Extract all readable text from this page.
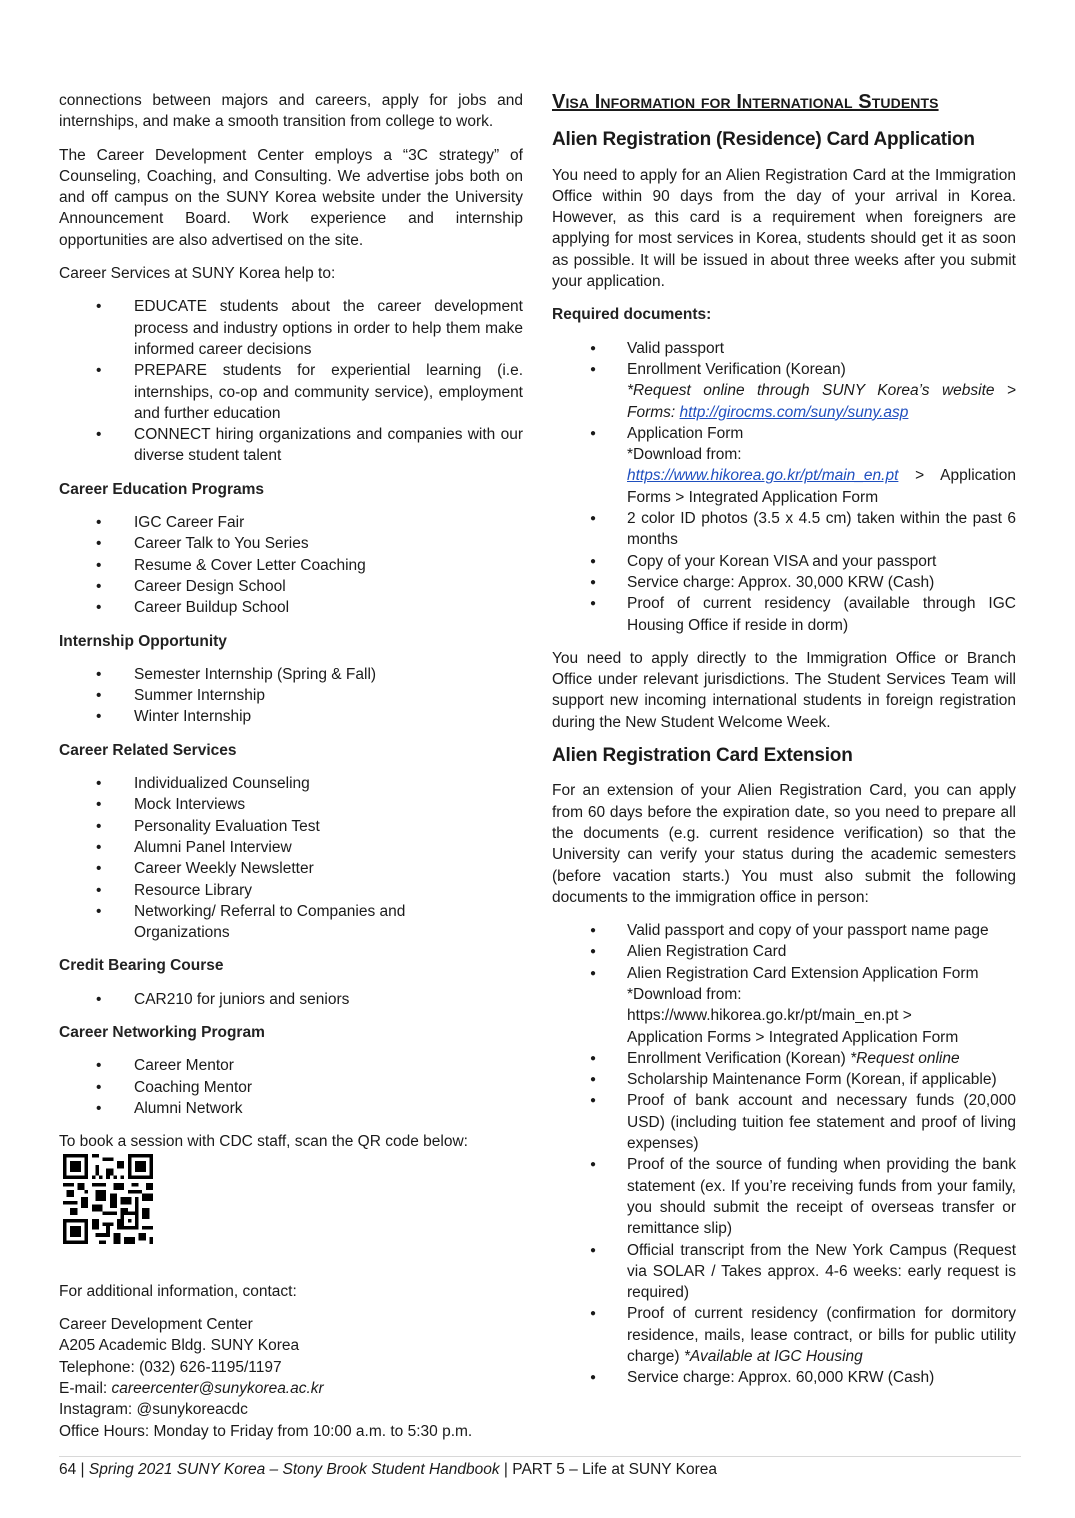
connections between majors and careers, apply for jobs and internships, and make a smooth transition from college to work.

The Career Development Center employs a “3C strategy” of Counseling, Coaching, and Consulting. We advertise jobs both on and off campus on the SUNY Korea website under the University Announcement Board. Work experience and internship opportunities are also advertised on the site.

Career Services at SUNY Korea help to:

• EDUCATE students about the career development process and industry options in order to help them make informed career decisions
• PREPARE students for experiential learning (i.e. internships, co-op and community service), employment and further education
• CONNECT hiring organizations and companies with our diverse student talent
Career Education Programs
• IGC Career Fair
• Career Talk to You Series
• Resume & Cover Letter Coaching
• Career Design School
• Career Buildup School
Internship Opportunity
• Semester Internship (Spring & Fall)
• Summer Internship
• Winter Internship
Career Related Services
• Individualized Counseling
• Mock Interviews
• Personality Evaluation Test
• Alumni Panel Interview
• Career Weekly Newsletter
• Resource Library
• Networking/ Referral to Companies and Organizations
Credit Bearing Course
• CAR210 for juniors and seniors
Career Networking Program
• Career Mentor
• Coaching Mentor
• Alumni Network
To book a session with CDC staff, scan the QR code below:

For additional information, contact:

Career Development Center
A205 Academic Bldg. SUNY Korea
Telephone: (032) 626-1195/1197
E-mail: careercenter@sunykorea.ac.kr
Instagram: @sunykoreacdc
Office Hours: Monday to Friday from 10:00 a.m. to 5:30 p.m.
Visa Information for International Students
Alien Registration (Residence) Card Application

You need to apply for an Alien Registration Card at the Immigration Office within 90 days from the day of your arrival in Korea. However, as this card is a requirement when foreigners are applying for most services in Korea, students should get it as soon as possible. It will be issued in about three weeks after you submit your application.

Required documents:
● Valid passport
● Enrollment Verification (Korean)
*Request online through SUNY Korea’s website > Forms: http://girocms.com/suny/suny.asp
● Application Form
*Download from:
https://www.hikorea.go.kr/pt/main_en.pt > Application Forms > Integrated Application Form
● 2 color ID photos (3.5 x 4.5 cm) taken within the past 6 months
● Copy of your Korean VISA and your passport
● Service charge: Approx. 30,000 KRW (Cash)
● Proof of current residency (available through IGC Housing Office if reside in dorm)

You need to apply directly to the Immigration Office or Branch Office under relevant jurisdictions. The Student Services Team will support new incoming international students in foreign registration during the New Student Welcome Week.

Alien Registration Card Extension

For an extension of your Alien Registration Card, you can apply from 60 days before the expiration date, so you need to prepare all the documents (e.g. current residence verification) so that the University can verify your status during the academic semesters (before vacation starts.) You must also submit the following documents to the immigration office in person:

● Valid passport and copy of your passport name page
● Alien Registration Card
● Alien Registration Card Extension Application Form
*Download from:
https://www.hikorea.go.kr/pt/main_en.pt >
Application Forms > Integrated Application Form
● Enrollment Verification (Korean) *Request online
● Scholarship Maintenance Form (Korean, if applicable)
● Proof of bank account and necessary funds (20,000 USD) (including tuition fee statement and proof of living expenses)
● Proof of the source of funding when providing the bank statement (ex. If you’re receiving funds from your family, you should submit the receipt of overseas transfer or remittance slip)
● Official transcript from the New York Campus (Request via SOLAR / Takes approx. 4-6 weeks: early request is required)
● Proof of current residency (confirmation for dormitory residence, mails, lease contract, or bills for public utility charge) *Available at IGC Housing
● Service charge: Approx. 60,000 KRW (Cash)
64 | Spring 2021 SUNY Korea – Stony Brook Student Handbook | PART 5 – Life at SUNY Korea
